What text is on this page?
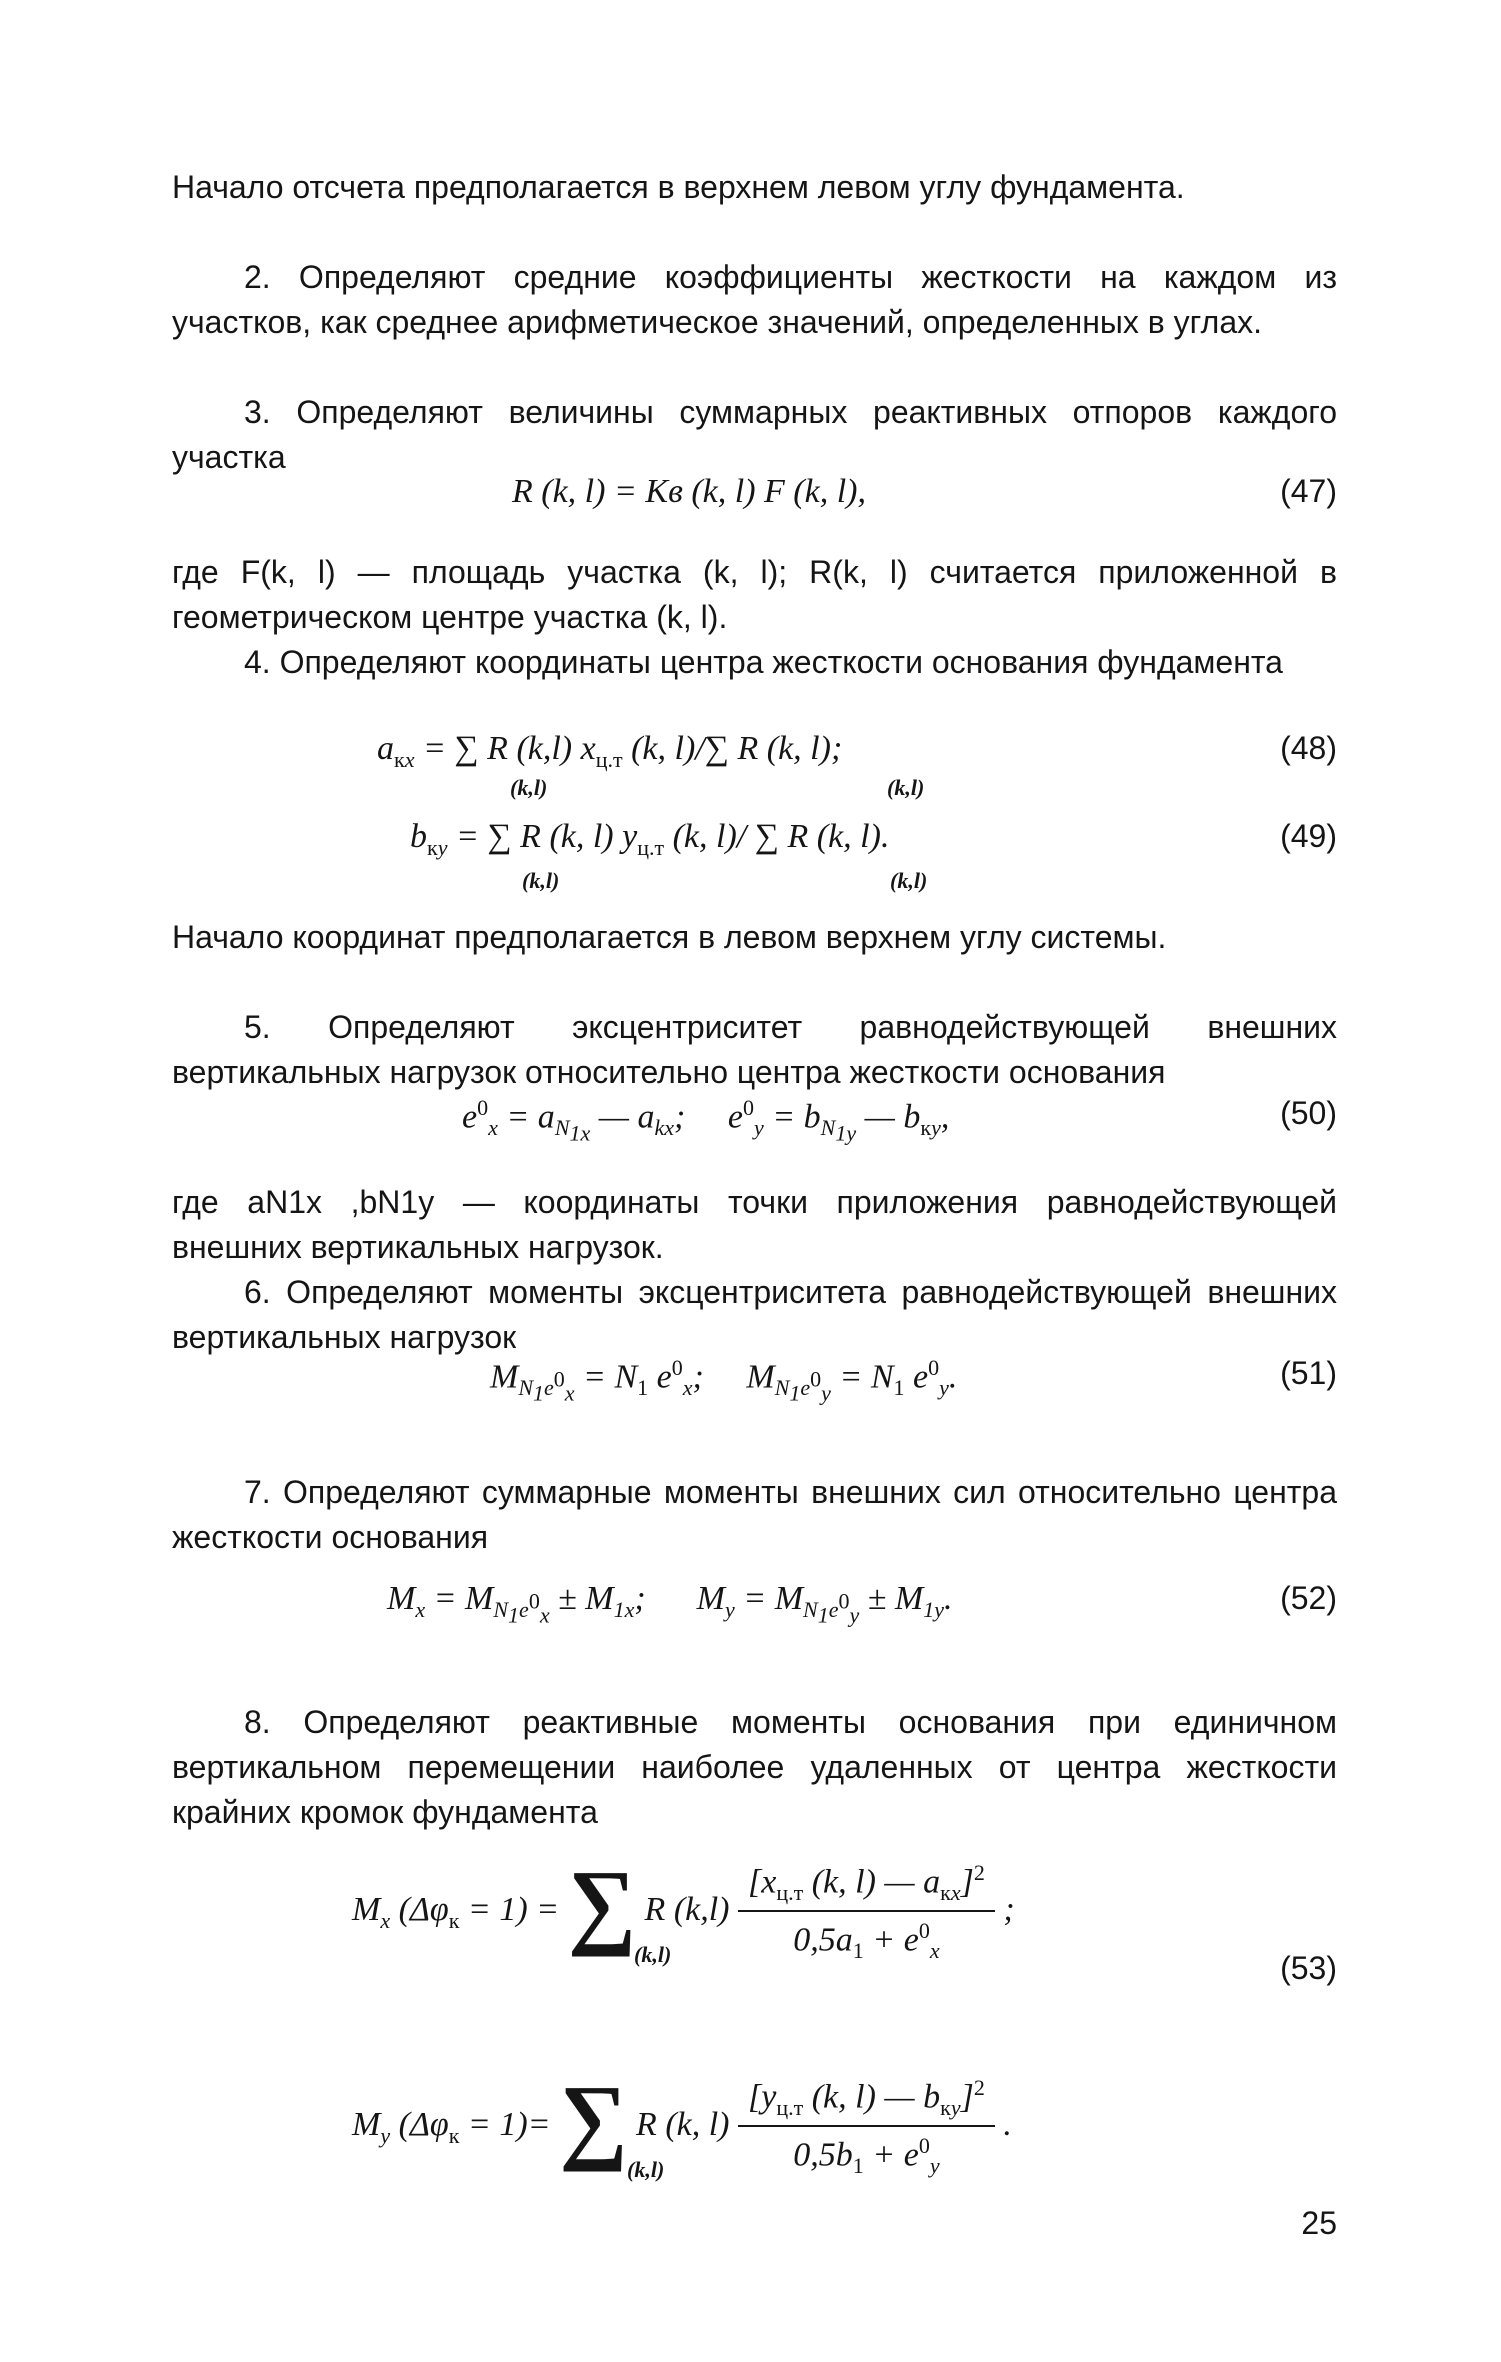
Начало отсчета предполагается в верхнем левом углу фундамента.

2. Определяют средние коэффициенты жесткости на каждом из участков, как среднее арифметическое значений, определенных в углах.

3. Определяют величины суммарных реактивных отпоров каждого участка

R (k, l) = Kв (k, l) F (k, l),	(47)

где F(k, l) — площадь участка (k, l); R(k, l) считается приложенной в геометрическом центре участка (k, l).

4. Определяют координаты центра жесткости основания фундамента

$a_{кx}$ = ∑ R (k,l) $x_{ц.т}$ (k, l)/∑ R (k, l);
(k,l)	(k,l)
(48)
$b_{кy}$ = ∑ R (k, l) $y_{ц.т}$ (k, l)/ ∑ R (k, l).
(k,l)	(k,l)
(49)

Начало координат предполагается в левом верхнем углу системы.

5. Определяют эксцентриситет равнодействующей внешних вертикальных нагрузок относительно центра жесткости основания

$e^0_x = a_{N_{1x}}$ — $a_{kx}$;     $e^0_y = b_{N_{1y}}$ — $b_{кy}$,	(50)

где aN1x ,bN1y — координаты точки приложения равнодействующей внешних вертикальных нагрузок.

6. Определяют моменты эксцентриситета равнодействующей внешних вертикальных нагрузок

$M_{N_1e^0_x} = N_1$ $e^0_x$;     $M_{N_1e^0_y} = N_1$ $e^0_y$.	(51)

7. Определяют суммарные моменты внешних сил относительно центра жесткости основания

$M_x = M_{N_1e^0_x} \pm M_{1x}$;      $M_y = M_{N_1e^0_y} \pm M_{1y}$.	(52)

8. Определяют реактивные моменты основания при единичном вертикальном перемещении наиболее удаленных от центра жесткости крайних кромок фундамента

$M_x$ $(\Delta\varphi_к = 1)$ = ∑ R $(k,l) \frac{[x_{ц.т} (k, l) — a_{кx}]^2}{0,5a_1 + e^0_x}$ ;
(k,l)	(53)
$M_y$ $(\Delta\varphi_к = 1)=$ ∑ R (k, $l) \frac{[y_{ц.т} (k, l) — b_{кy}]^2}{0,5b_1 + e^0_y}$ .
(k,l)
25
